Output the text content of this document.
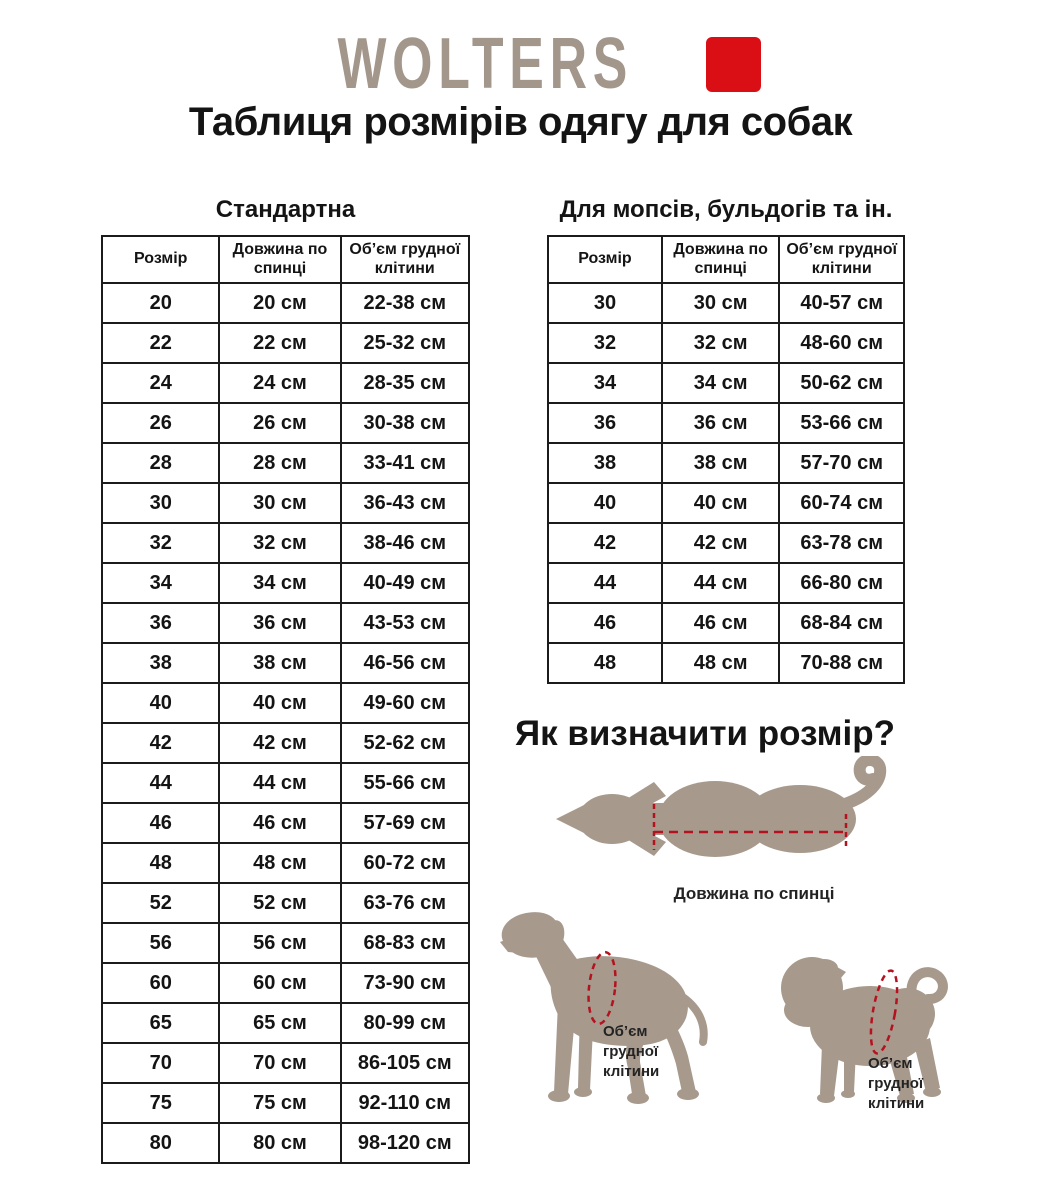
WOLTERS
Таблиця розмірів одягу для собак
Стандартна
Розмір	Довжина по спинці	Об’єм грудної клітини
20	20 см	22-38 см
22	22 см	25-32 см
24	24 см	28-35 см
26	26 см	30-38 см
28	28 см	33-41 см
30	30 см	36-43 см
32	32 см	38-46 см
34	34 см	40-49 см
36	36 см	43-53 см
38	38 см	46-56 см
40	40 см	49-60 см
42	42 см	52-62 см
44	44 см	55-66 см
46	46 см	57-69 см
48	48 см	60-72 см
52	52 см	63-76 см
56	56 см	68-83 см
60	60 см	73-90 см
65	65 см	80-99 см
70	70 см	86-105 см
75	75 см	92-110 см
80	80 см	98-120 см
Для мопсів, бульдогів та ін.
Розмір	Довжина по спинці	Об’єм грудної клітини
30	30 см	40-57 см
32	32 см	48-60 см
34	34 см	50-62 см
36	36 см	53-66 см
38	38 см	57-70 см
40	40 см	60-74 см
42	42 см	63-78 см
44	44 см	66-80 см
46	46 см	68-84 см
48	48 см	70-88 см
Як визначити розмір?
Довжина по спинці
Об’єм грудної клітини	Об’єм грудної клітини
